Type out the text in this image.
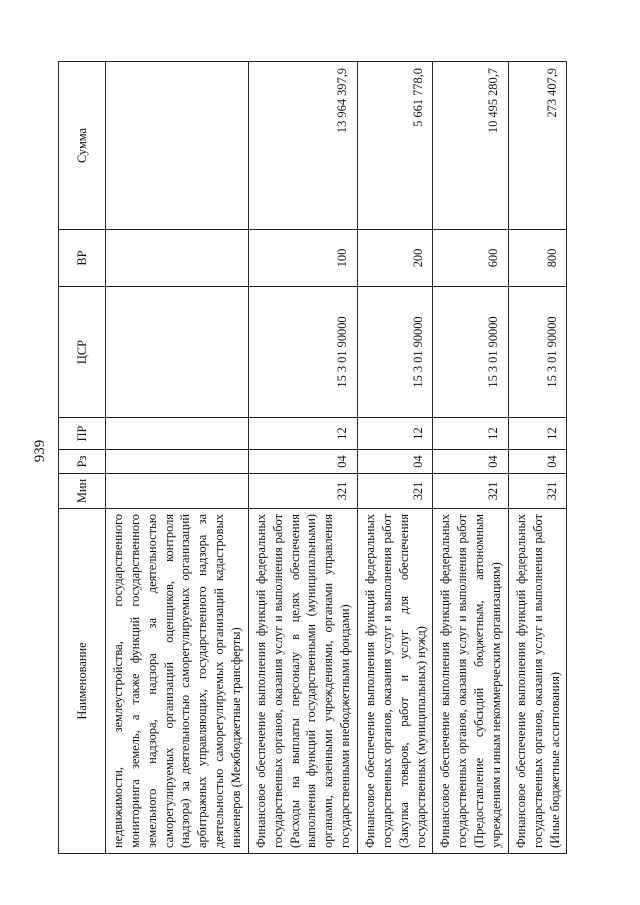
939
Наименование	Мин	Рз	ПР	ЦСР	ВР	Сумма
недвижимости, землеустройства, государственного мониторинга земель, а также функций государственного земельного надзора, надзора за деятельностью саморегулируемых организаций оценщиков, контроля (надзора) за деятельностью саморегулируемых организаций арбитражных управляющих, государственного надзора за деятельностью саморегулируемых организаций кадастровых инженеров (Межбюджетные трансферты)						
Финансовое обеспечение выполнения функций федеральных государственных органов, оказания услуг и выполнения работ (Расходы на выплаты персоналу в целях обеспечения выполнения функций государственными (муниципальными) органами, казенными учреждениями, органами управления государственными внебюджетными фондами)	321	04	12	15 3 01 90000	100	13 964 397,9
Финансовое обеспечение выполнения функций федеральных государственных органов, оказания услуг и выполнения работ (Закупка товаров, работ и услуг для обеспечения государственных (муниципальных) нужд)	321	04	12	15 3 01 90000	200	5 661 778,0
Финансовое обеспечение выполнения функций федеральных государственных органов, оказания услуг и выполнения работ (Предоставление субсидий бюджетным, автономным учреждениям и иным некоммерческим организациям)	321	04	12	15 3 01 90000	600	10 495 280,7
Финансовое обеспечение выполнения функций федеральных государственных органов, оказания услуг и выполнения работ (Иные бюджетные ассигнования)	321	04	12	15 3 01 90000	800	273 407,9
